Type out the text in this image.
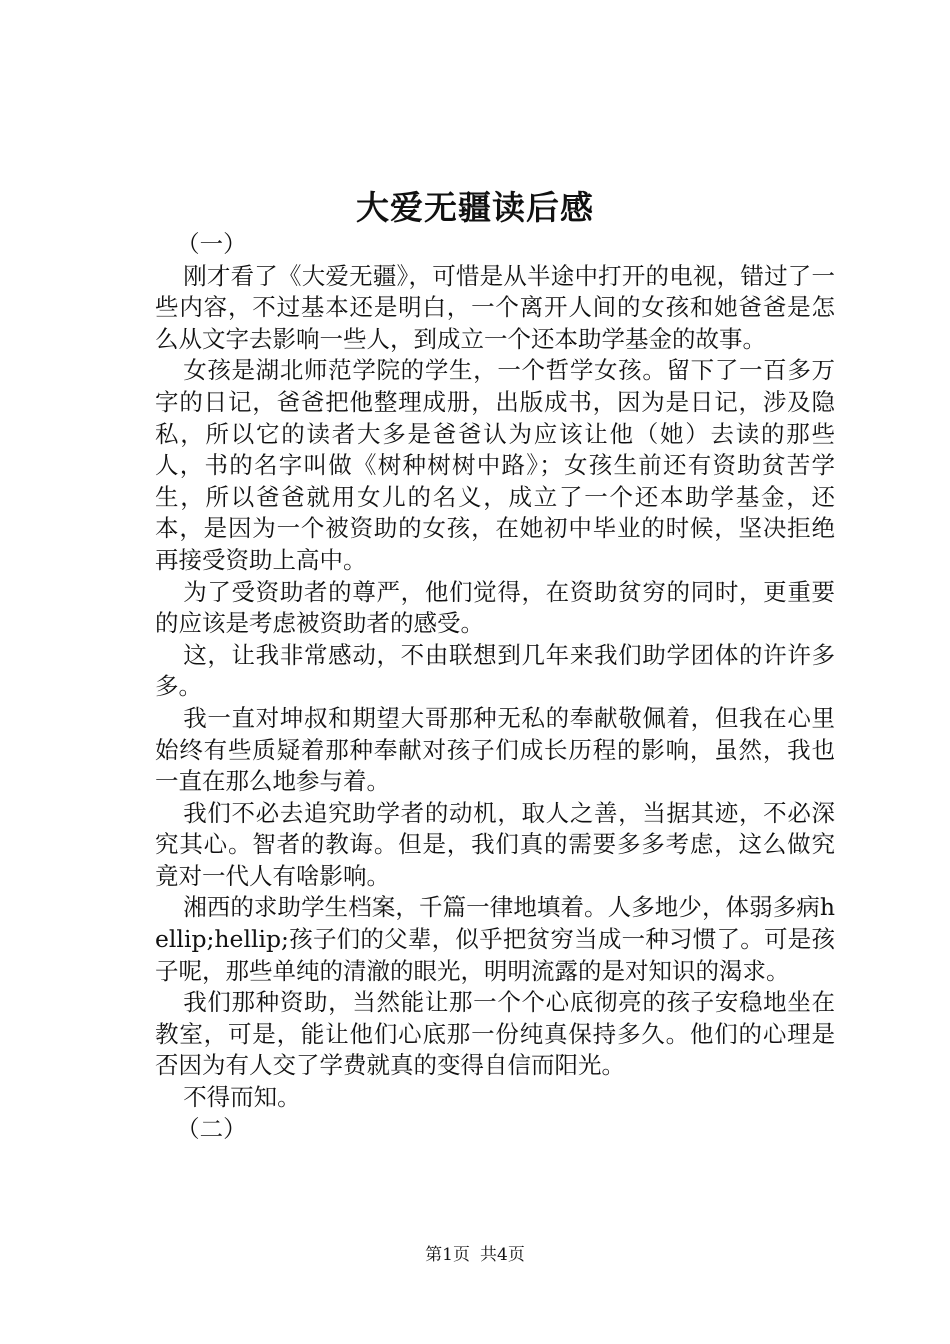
大爱无疆读后感

（一）

刚才看了《大爱无疆》，可惜是从半途中打开的电视，错过了一些内容，不过基本还是明白，一个离开人间的女孩和她爸爸是怎么从文字去影响一些人，到成立一个还本助学基金的故事。

女孩是湖北师范学院的学生，一个哲学女孩。留下了一百多万字的日记，爸爸把他整理成册，出版成书，因为是日记，涉及隐私，所以它的读者大多是爸爸认为应该让他（她）去读的那些人，书的名字叫做《树种树树中路》；女孩生前还有资助贫苦学生，所以爸爸就用女儿的名义，成立了一个还本助学基金，还本，是因为一个被资助的女孩，在她初中毕业的时候，坚决拒绝再接受资助上高中。

为了受资助者的尊严，他们觉得，在资助贫穷的同时，更重要的应该是考虑被资助者的感受。

这，让我非常感动，不由联想到几年来我们助学团体的许许多多。

我一直对坤叔和期望大哥那种无私的奉献敬佩着，但我在心里始终有些质疑着那种奉献对孩子们成长历程的影响，虽然，我也一直在那么地参与着。

我们不必去追究助学者的动机，取人之善，当据其迹，不必深究其心。智者的教诲。但是，我们真的需要多多考虑，这么做究竟对一代人有啥影响。

湘西的求助学生档案，千篇一律地填着。人多地少，体弱多病hellip;hellip;孩子们的父辈，似乎把贫穷当成一种习惯了。可是孩子呢，那些单纯的清澈的眼光，明明流露的是对知识的渴求。

我们那种资助，当然能让那一个个心底彻亮的孩子安稳地坐在教室，可是，能让他们心底那一份纯真保持多久。他们的心理是否因为有人交了学费就真的变得自信而阳光。

不得而知。

（二）

第1页 共4页
